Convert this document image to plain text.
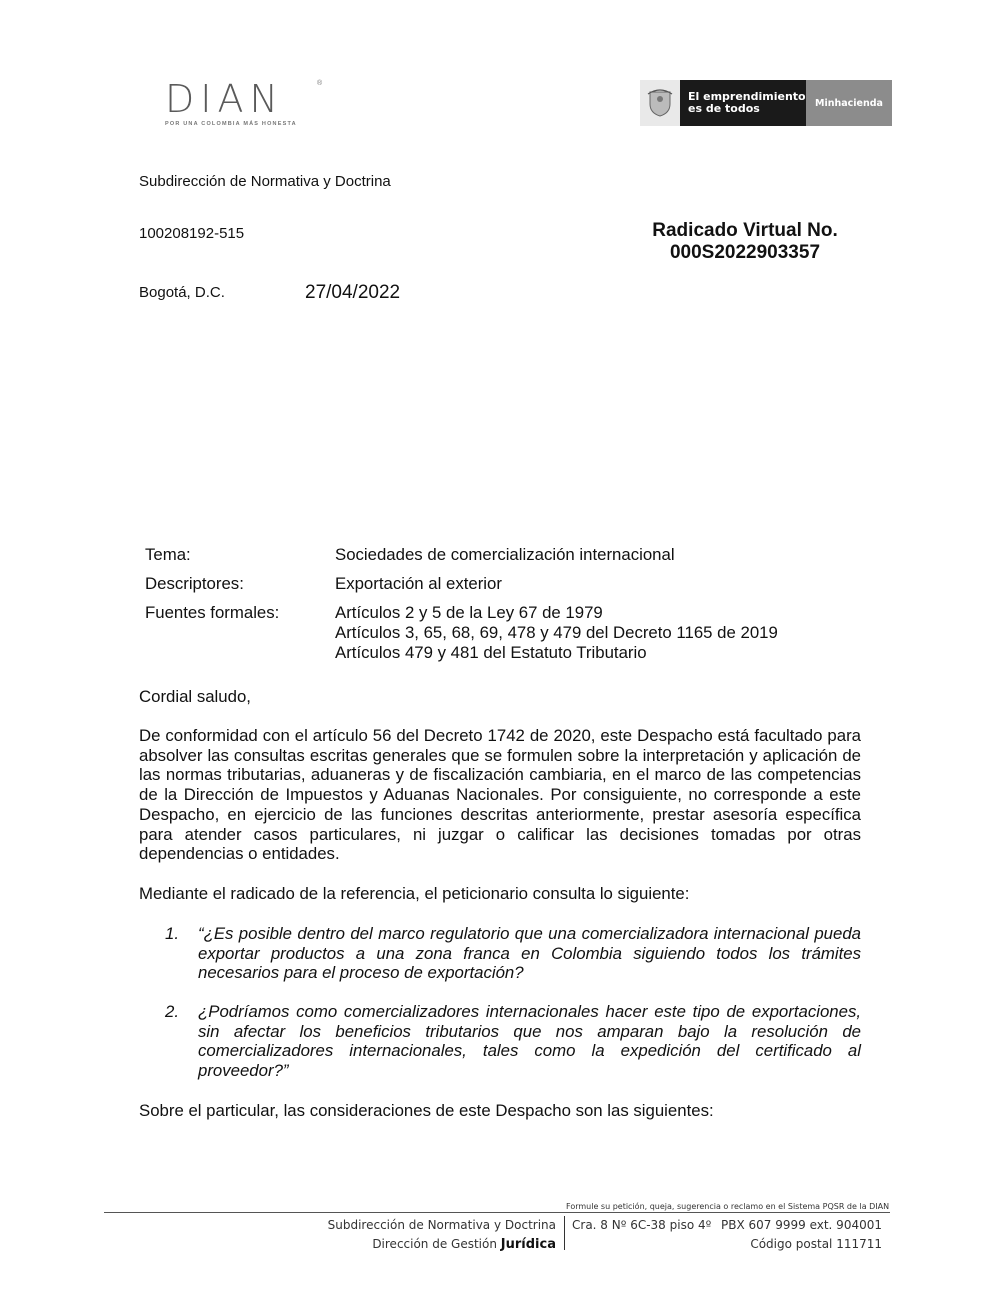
DIAN	®
POR UNA COLOMBIA MÁS HONESTA
El emprendimiento
es de todos	Minhacienda
Subdirección de Normativa y Doctrina
100208192-515	Radicado Virtual No.
000S2022903357
Bogotá, D.C.	27/04/2022
Tema:	Sociedades de comercialización internacional
Descriptores:	Exportación al exterior
Fuentes formales:	Artículos 2 y 5 de la Ley 67 de 1979
Artículos 3, 65, 68, 69, 478 y 479 del Decreto 1165 de 2019
Artículos 479 y 481 del Estatuto Tributario
Cordial saludo,
De conformidad con el artículo 56 del Decreto 1742 de 2020, este Despacho está facultado para absolver las consultas escritas generales que se formulen sobre la interpretación y aplicación de las normas tributarias, aduaneras y de fiscalización cambiaria, en el marco de las competencias de la Dirección de Impuestos y Aduanas Nacionales. Por consiguiente, no corresponde a este Despacho, en ejercicio de las funciones descritas anteriormente, prestar asesoría específica para atender casos particulares, ni juzgar o calificar las decisiones tomadas por otras dependencias o entidades.
Mediante el radicado de la referencia, el peticionario consulta lo siguiente:
1. “¿Es posible dentro del marco regulatorio que una comercializadora internacional pueda exportar productos a una zona franca en Colombia siguiendo todos los trámites necesarios para el proceso de exportación?
2. ¿Podríamos como comercializadores internacionales hacer este tipo de exportaciones, sin afectar los beneficios tributarios que nos amparan bajo la resolución de comercializadores internacionales, tales como la expedición del certificado al proveedor?”
Sobre el particular, las consideraciones de este Despacho son las siguientes:
Formule su petición, queja, sugerencia o reclamo en el Sistema PQSR de la DIAN
Subdirección de Normativa y Doctrina
Dirección de Gestión Jurídica
Cra. 8 Nº 6C-38 piso 4º PBX 607 9999 ext. 904001
Código postal 111711
